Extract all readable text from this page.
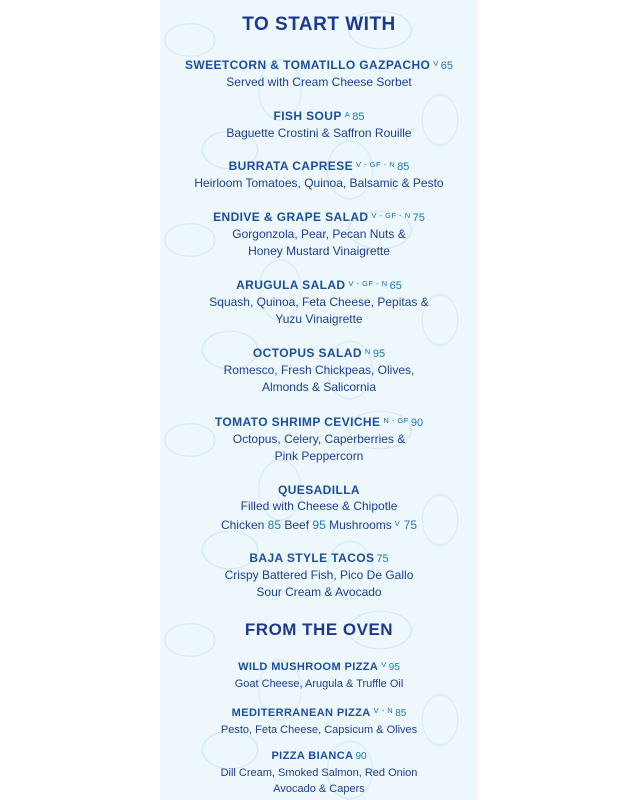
TO START WITH
SWEETCORN & TOMATILLO GAZPACHO $^V$ 65
Served with Cream Cheese Sorbet
FISH SOUP $^A$ 85
Baguette Crostini & Saffron Rouille
BURRATA CAPRESE $^{V - GF - N}$ 85
Heirloom Tomatoes, Quinoa, Balsamic & Pesto
ENDIVE & GRAPE SALAD $^{V - GF - N}$ 75
Gorgonzola, Pear, Pecan Nuts &
Honey Mustard Vinaigrette
ARUGULA SALAD $^{V - GF - N}$ 65
Squash, Quinoa, Feta Cheese, Pepitas &
Yuzu Vinaigrette
OCTOPUS SALAD $^N$ 95
Romesco, Fresh Chickpeas, Olives,
Almonds & Salicornia
TOMATO SHRIMP CEVICHE $^{N - GF}$ 90
Octopus, Celery, Caperberries &
Pink Peppercorn
QUESADILLA
Filled with Cheese & Chipotle
Chicken 85 Beef 95 Mushrooms $^V$ 75
BAJA STYLE TACOS 75
Crispy Battered Fish, Pico De Gallo
Sour Cream & Avocado
FROM THE OVEN
WILD MUSHROOM PIZZA $^V$ 95
Goat Cheese, Arugula & Truffle Oil
MEDITERRANEAN PIZZA $^{V - N}$ 85
Pesto, Feta Cheese, Capsicum & Olives
PIZZA BIANCA 90
Dill Cream, Smoked Salmon, Red Onion
Avocado & Capers
